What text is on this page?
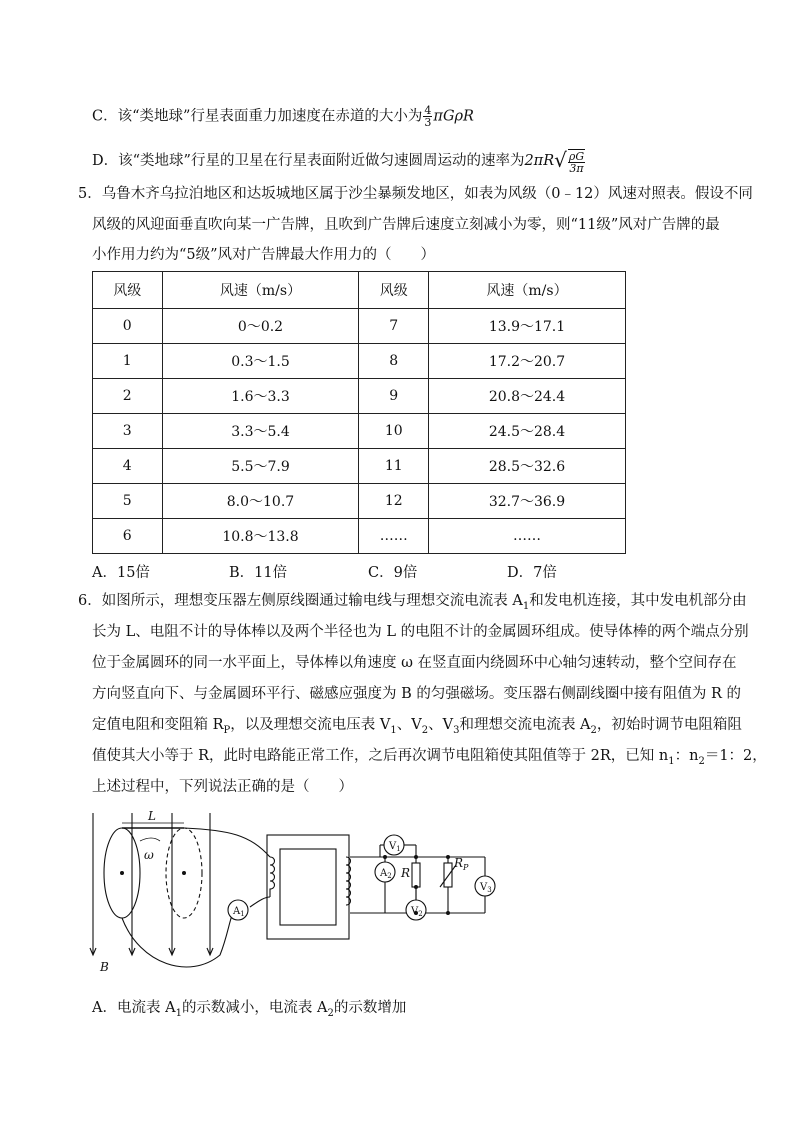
C．该“类地球”行星表面重力加速度在赤道的大小为 $\frac{4}{3}$ πGρR
D．该“类地球”行星的卫星在行星表面附近做匀速圆周运动的速率为$2\pi R√ \frac{\rho G}{3\pi}$
5．乌鲁木齐乌拉泊地区和达坂城地区属于沙尘暴频发地区，如表为风级（0﹣12）风速对照表。假设不同
风级的风迎面垂直吹向某一广告牌，且吹到广告牌后速度立刻减小为零，则“11级”风对广告牌的最
小作用力约为“5级”风对广告牌最大作用力的（　　）
风级	风速（m/s）	风级	风速（m/s）
0	0～0.2	7	13.9～17.1
1	0.3～1.5	8	17.2～20.7
2	1.6～3.3	9	20.8～24.4
3	3.3～5.4	10	24.5～28.4
4	5.5～7.9	11	28.5～32.6
5	8.0～10.7	12	32.7～36.9
6	10.8～13.8	……	……
A．15倍	B．11倍	C．9倍	D．7倍
6．如图所示，理想变压器左侧原线圈通过输电线与理想交流电流表 $A_1$和发电机连接，其中发电机部分由
长为 L、电阻不计的导体棒以及两个半径也为 L 的电阻不计的金属圆环组成。使导体棒的两个端点分别
位于金属圆环的同一水平面上，导体棒以角速度 ω 在竖直面内绕圆环中心轴匀速转动，整个空间存在
方向竖直向下、与金属圆环平行、磁感应强度为 B 的匀强磁场。变压器右侧副线圈中接有阻值为 R 的
定值电阻和变阻箱 $R_P$，以及理想交流电压表 $V_1$、$V_2$、$V_3$和理想交流电流表 $A_2$，初始时调节电阻箱阻
值使其大小等于 R，此时电路能正常工作，之后再次调节电阻箱使其阻值等于 2R，已知 $n_1$：$n_2=1$：2，
上述过程中，下列说法正确的是（　　）
L
ω
B
$A_1$
$A_2$
$V_1$
$V_2$
$V_3$
R
$R_P$
A．电流表 $A_1$的示数减小，电流表 $A_2$的示数增加
